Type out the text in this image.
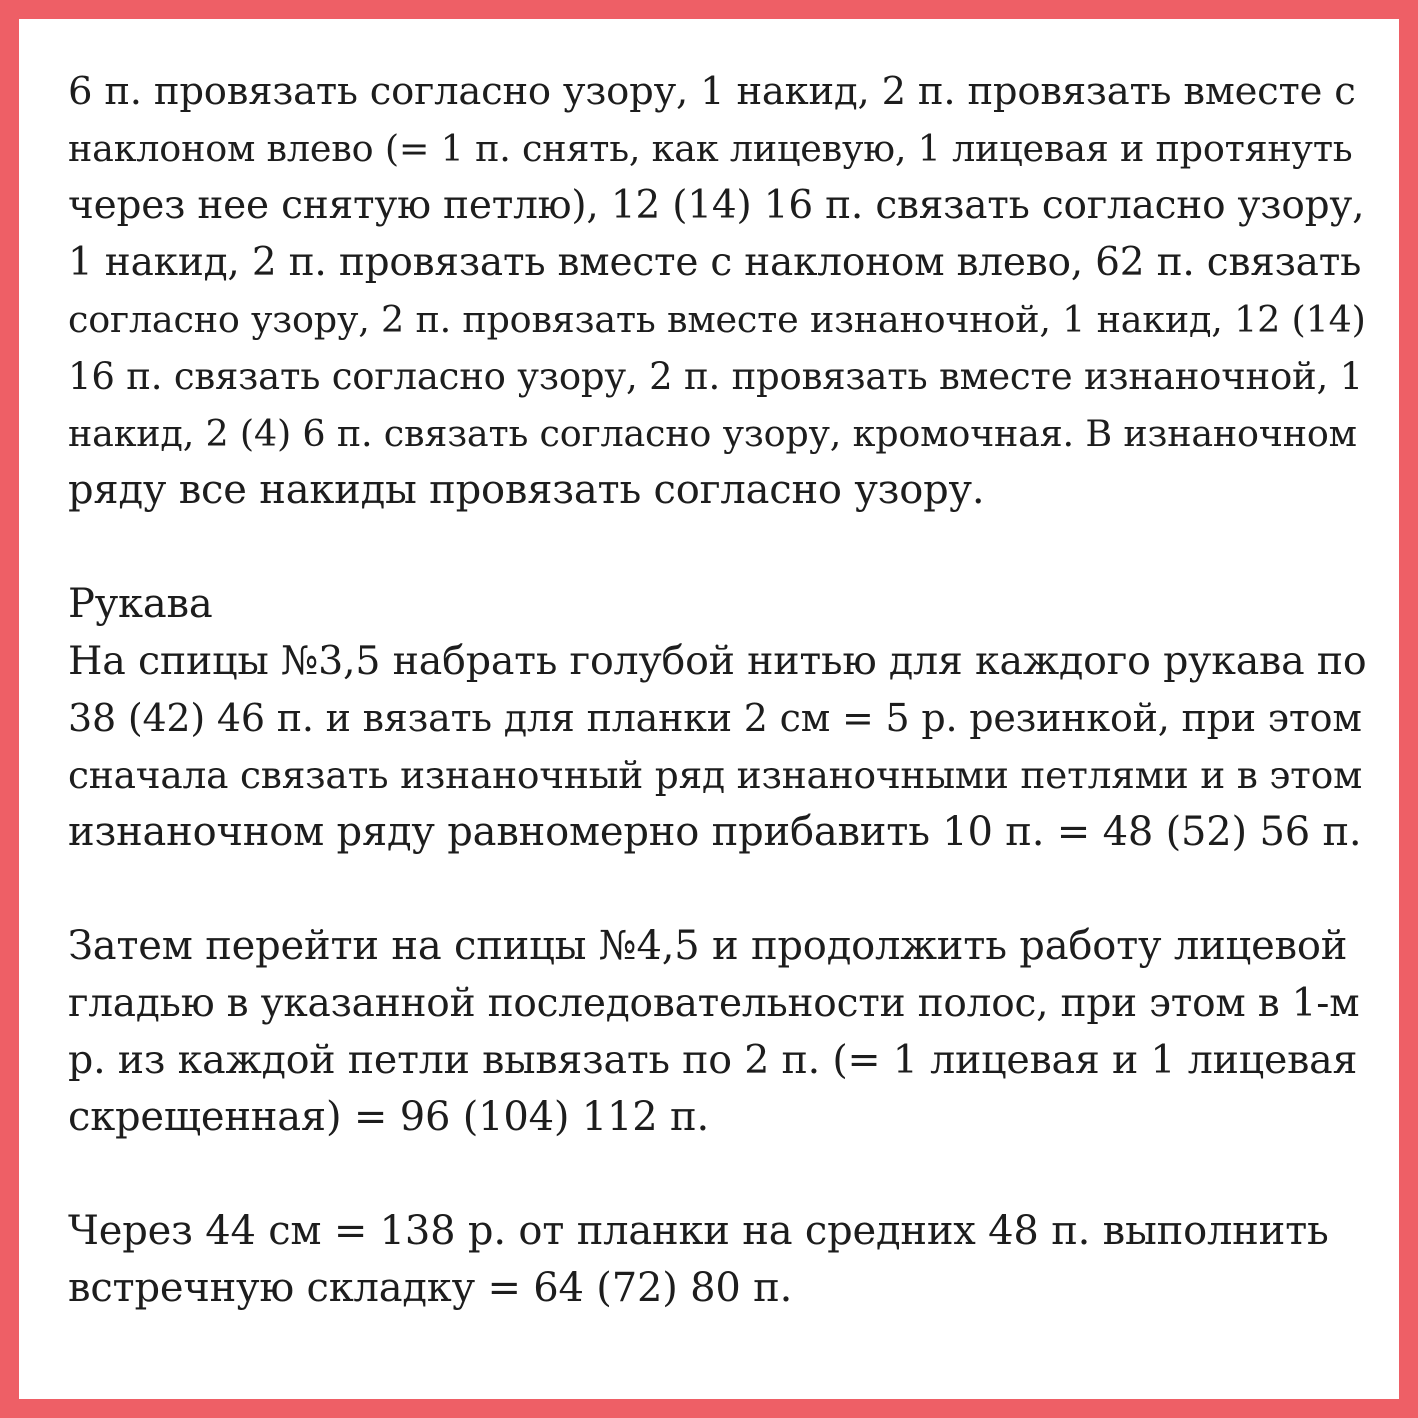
6 п. провязать согласно узору, 1 накид, 2 п. провязать вместе с
наклоном влево (= 1 п. снять, как лицевую, 1 лицевая и протянуть
через нее снятую петлю), 12 (14) 16 п. связать согласно узору,
1 накид, 2 п. провязать вместе с наклоном влево, 62 п. связать
согласно узору, 2 п. провязать вместе изнаночной, 1 накид, 12 (14)
16 п. связать согласно узору, 2 п. провязать вместе изнаночной, 1
накид, 2 (4) 6 п. связать согласно узору, кромочная. В изнаночном
ряду все накиды провязать согласно узору.

Рукава
На спицы №3,5 набрать голубой нитью для каждого рукава по
38 (42) 46 п. и вязать для планки 2 см = 5 р. резинкой, при этом
сначала связать изнаночный ряд изнаночными петлями и в этом
изнаночном ряду равномерно прибавить 10 п. = 48 (52) 56 п.

Затем перейти на спицы №4,5 и продолжить работу лицевой
гладью в указанной последовательности полос, при этом в 1-м
р. из каждой петли вывязать по 2 п. (= 1 лицевая и 1 лицевая
скрещенная) = 96 (104) 112 п.

Через 44 см = 138 р. от планки на средних 48 п. выполнить
встречную складку = 64 (72) 80 п.
